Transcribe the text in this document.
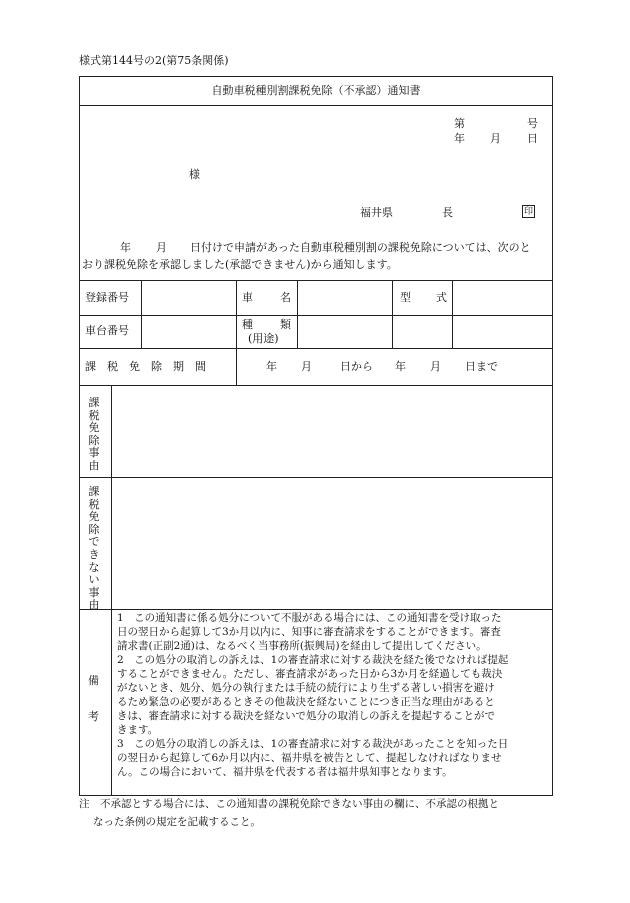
様式第144号の2(第75条関係)
自動車税種別割課税免除（不承認）通知書
第	号
年 月 日
様
福井県	長	印
年 月 日付けで申請があった自動車税種別割の課税免除については、次のと
おり課税免除を承認しました(承認できません)から通知します。
登録番号	車 名	型 式
車台番号	種 類
(用途)
課　税　免　除　期　間	年 月	日から 年 月 日まで
課税免除事由
課税免除できない事由
備
考
1　この通知書に係る処分について不服がある場合には、この通知書を受け取った
日の翌日から起算して3か月以内に、知事に審査請求をすることができます。審査
請求書(正副2通)は、なるべく当事務所(振興局)を経由して提出してください。
2　この処分の取消しの訴えは、1の審査請求に対する裁決を経た後でなければ提起
することができません。ただし、審査請求があった日から3か月を経過しても裁決
がないとき、処分、処分の執行または手続の続行により生ずる著しい損害を避け
るため緊急の必要があるときその他裁決を経ないことにつき正当な理由があると
きは、審査請求に対する裁決を経ないで処分の取消しの訴えを提起することがで
きます。
3　この処分の取消しの訴えは、1の審査請求に対する裁決があったことを知った日
の翌日から起算して6か月以内に、福井県を被告として、提起しなければなりませ
ん。この場合において、福井県を代表する者は福井県知事となります。
注　不承認とする場合には、この通知書の課税免除できない事由の欄に、不承認の根拠と
なった条例の規定を記載すること。
